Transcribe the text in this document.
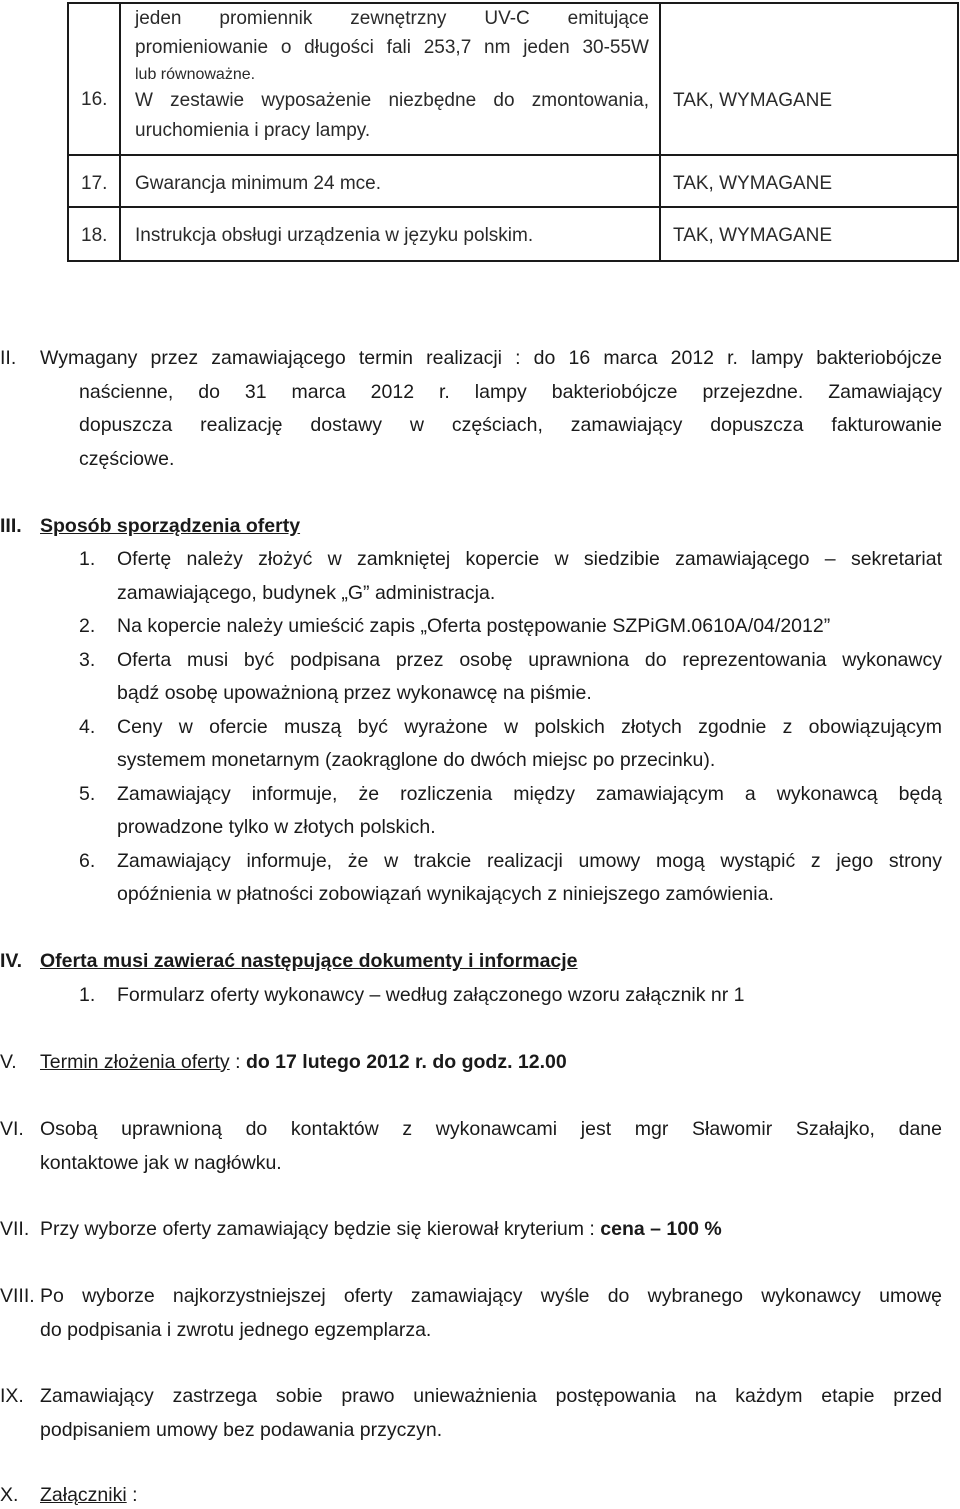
16.	jeden promiennik zewnętrzny UV-C emitujące
promieniowanie o długości fali 253,7 nm jeden 30-55W
lub równoważne.
W zestawie wyposażenie niezbędne do zmontowania,
uruchomienia i pracy lampy.	TAK, WYMAGANE

17.	Gwarancja minimum 24 mce.	TAK, WYMAGANE

18.	Instrukcja obsługi urządzenia w języku polskim.	TAK, WYMAGANE
II. Wymagany przez zamawiającego termin realizacji : do 16 marca 2012 r. lampy bakteriobójcze
naścienne, do 31 marca 2012 r. lampy bakteriobójcze przejezdne. Zamawiający
dopuszcza realizację dostawy w częściach, zamawiający dopuszcza fakturowanie
częściowe.
III. Sposób sporządzenia oferty
1. Ofertę należy złożyć w zamkniętej kopercie w siedzibie zamawiającego – sekretariat
zamawiającego, budynek „G” administracja.
2. Na kopercie należy umieścić zapis „Oferta postępowanie SZPiGM.0610A/04/2012”
3. Oferta musi być podpisana przez osobę uprawniona do reprezentowania wykonawcy
bądź osobę upoważnioną przez wykonawcę na piśmie.
4. Ceny w ofercie muszą być wyrażone w polskich złotych zgodnie z obowiązującym
systemem monetarnym (zaokrąglone do dwóch miejsc po przecinku).
5. Zamawiający informuje, że rozliczenia między zamawiającym a wykonawcą będą
prowadzone tylko w złotych polskich.
6. Zamawiający informuje, że w trakcie realizacji umowy mogą wystąpić z jego strony
opóźnienia w płatności zobowiązań wynikających z niniejszego zamówienia.
IV. Oferta musi zawierać następujące dokumenty i informacje
1. Formularz oferty wykonawcy – według załączonego wzoru załącznik nr 1
V. Termin złożenia oferty : do 17 lutego 2012 r. do godz. 12.00
VI. Osobą uprawnioną do kontaktów z wykonawcami jest mgr Sławomir Szałajko, dane
kontaktowe jak w nagłówku.
VII. Przy wyborze oferty zamawiający będzie się kierował kryterium : cena – 100 %
VIII. Po wyborze najkorzystniejszej oferty zamawiający wyśle do wybranego wykonawcy umowę
do podpisania i zwrotu jednego egzemplarza.
IX. Zamawiający zastrzega sobie prawo unieważnienia postępowania na każdym etapie przed
podpisaniem umowy bez podawania przyczyn.
X. Załączniki :
